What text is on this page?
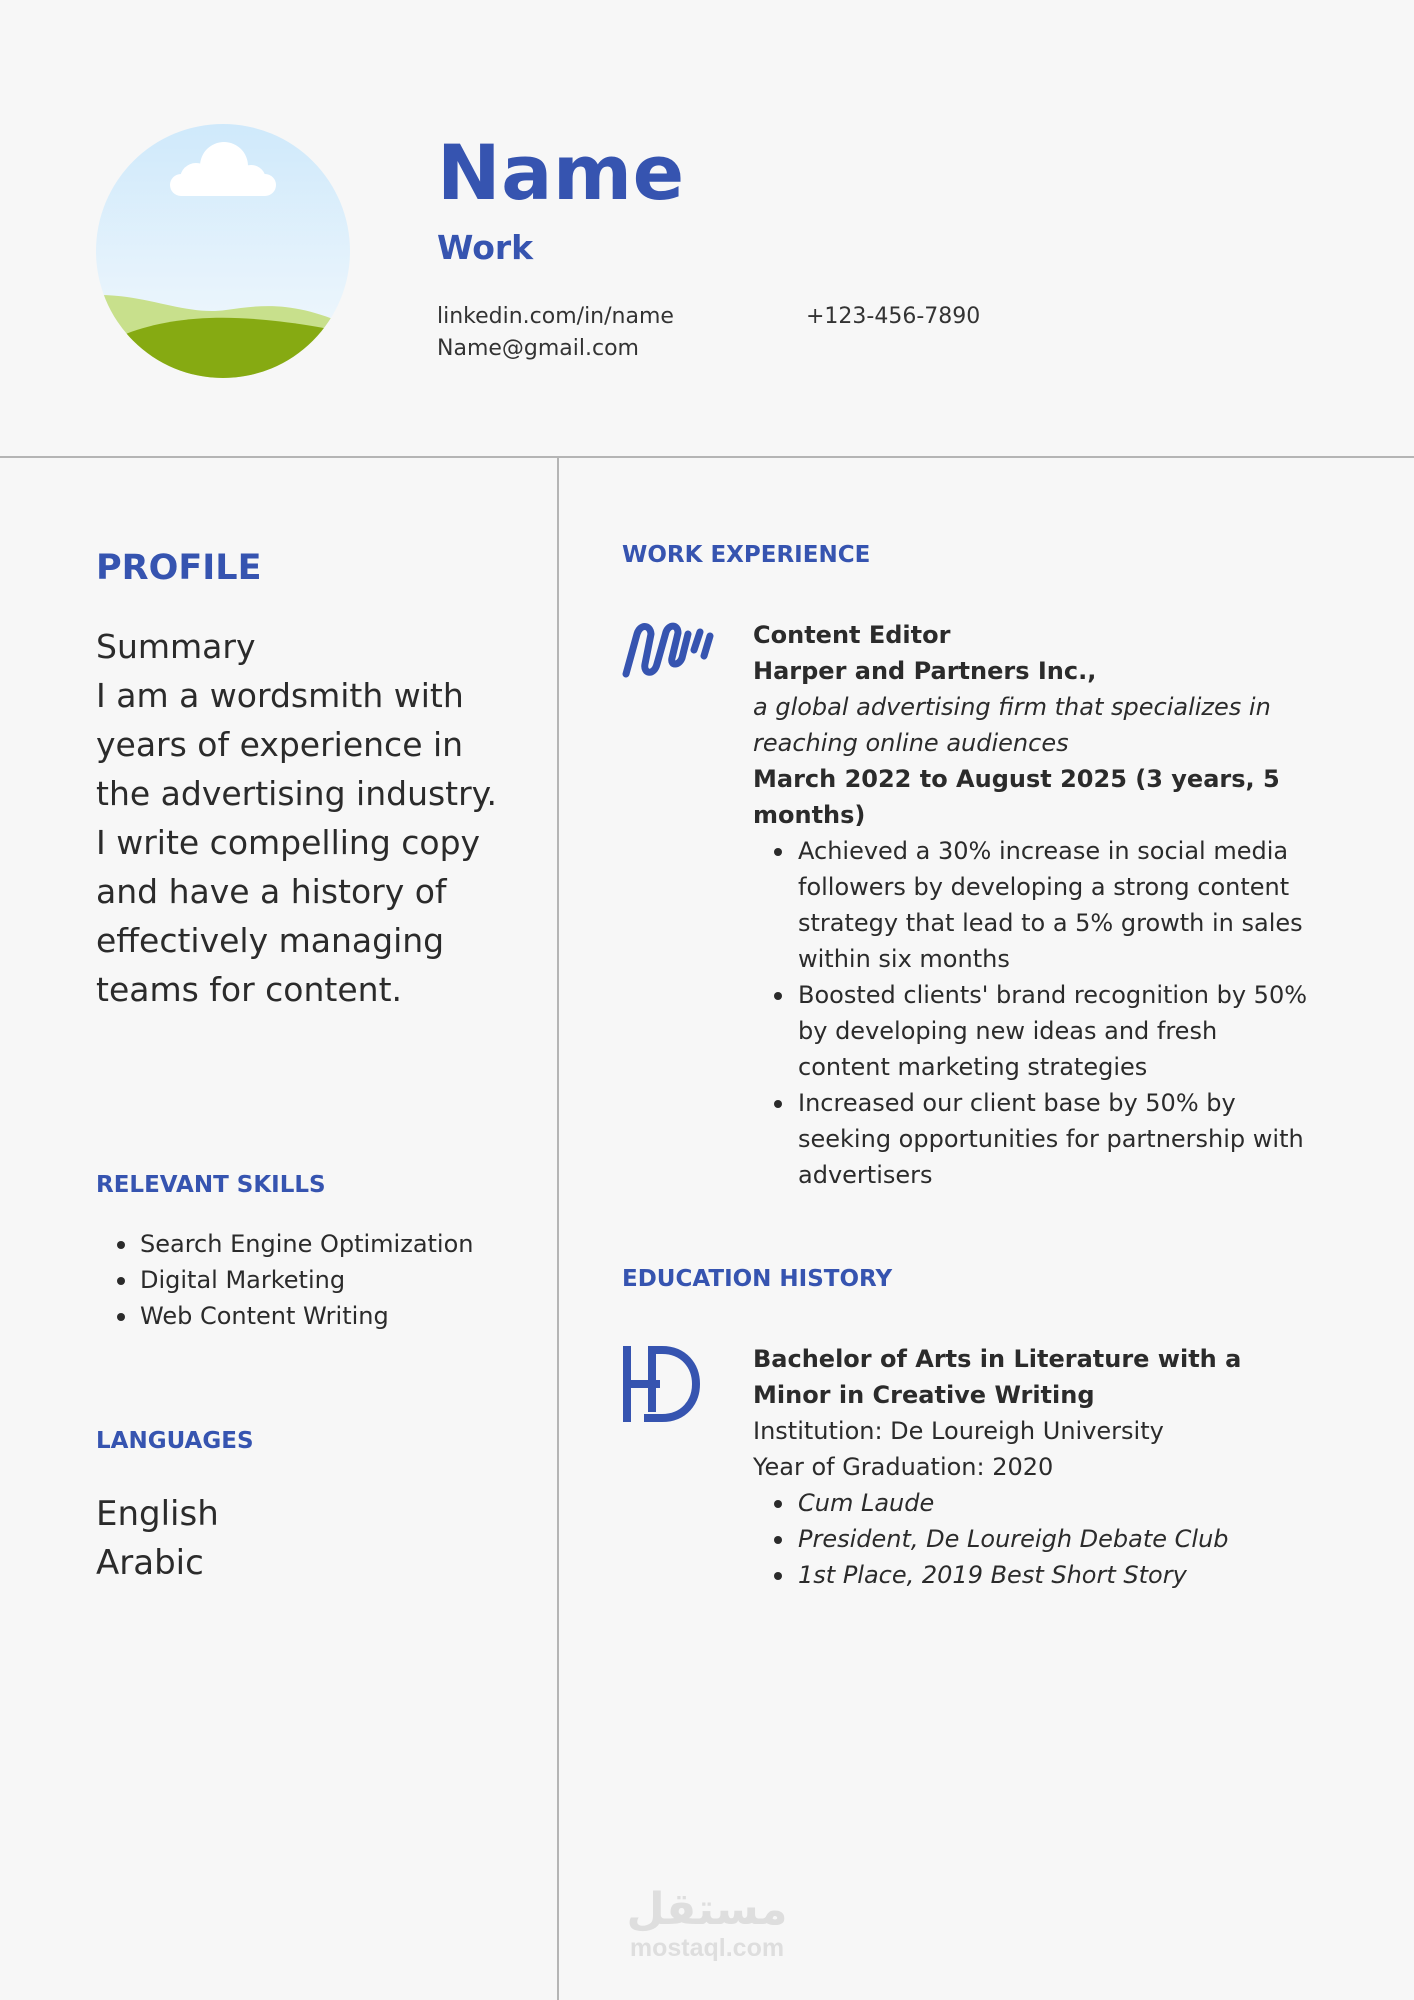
Name
Work
linkedin.com/in/name
Name@gmail.com
+123-456-7890
PROFILE

Summary
I am a wordsmith with years of experience in the advertising industry. I write compelling copy and have a history of effectively managing teams for content.

RELEVANT SKILLS
Search Engine Optimization
Digital Marketing
Web Content Writing
LANGUAGES
English
Arabic
WORK EXPERIENCE

Content Editor

Harper and Partners Inc.,

a global advertising firm that specializes in reaching online audiences

March 2022 to August 2025 (3 years, 5 months)

Achieved a 30% increase in social media followers by developing a strong content strategy that lead to a 5% growth in sales within six months
Boosted clients' brand recognition by 50% by developing new ideas and fresh content marketing strategies
Increased our client base by 50% by seeking opportunities for partnership with advertisers
EDUCATION HISTORY

Bachelor of Arts in Literature with a Minor in Creative Writing

Institution: De Loureigh University

Year of Graduation: 2020

Cum Laude
President, De Loureigh Debate Club
1st Place, 2019 Best Short Story
مستقل
mostaql.com
